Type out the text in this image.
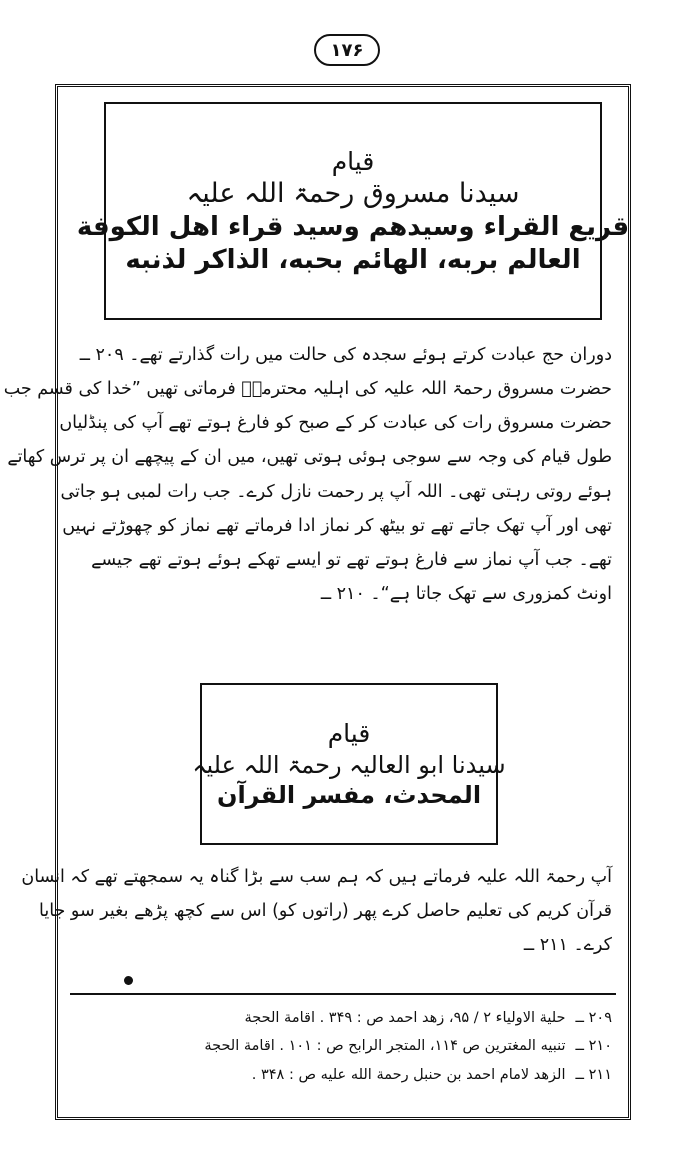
۱۷۶
قیام
سیدنا مسروق رحمۃ اللہ علیہ
قريع القراء وسيدهم وسيد قراء اهل الكوفة
العالم بربه، الهائم بحبه، الذاكر لذنبه
دوران حج عبادت کرتے ہوئے سجدہ کی حالت میں رات گذارتے تھے۔ ۲۰۹ ــ
حضرت مسروق رحمۃ اللہ علیہ کی اہلیہ محترمہؒ فرماتی تھیں ”خدا کی قسم جب
حضرت مسروق رات کی عبادت کر کے صبح کو فارغ ہوتے تھے آپ کی پنڈلیاں
طول قیام کی وجہ سے سوجی ہوئی ہوتی تھیں، میں ان کے پیچھے ان پر ترس کھاتے
ہوئے روتی رہتی تھی۔ اللہ آپ پر رحمت نازل کرے۔ جب رات لمبی ہو جاتی
تھی اور آپ تھک جاتے تھے تو بیٹھ کر نماز ادا فرماتے تھے نماز کو چھوڑتے نہیں
تھے۔ جب آپ نماز سے فارغ ہوتے تھے تو ایسے تھکے ہوئے ہوتے تھے جیسے
اونٹ کمزوری سے تھک جاتا ہے“۔ ۲۱۰ ــ
قیام
سیدنا ابو العالیہ رحمۃ اللہ علیہ
المحدث، مفسر القرآن
آپ رحمۃ اللہ علیہ فرماتے ہیں کہ ہم سب سے بڑا گناہ یہ سمجھتے تھے کہ انسان
قرآن کریم کی تعلیم حاصل کرے پھر (راتوں کو) اس سے کچھ پڑھے بغیر سو جایا
کرے۔ ۲۱۱ ــ
۲۰۹ ــ
حلية الاولياء ۲ / ۹۵، زهد احمد ص : ۳۴۹ . اقامة الحجة
۲۱۰ ــ
تنبيه المغترين ص ۱۱۴، المتجر الرابح ص : ۱۰۱ . اقامة الحجة
۲۱۱ ــ
الزهد لامام احمد بن حنبل رحمة الله عليه ص : ۳۴۸ .
